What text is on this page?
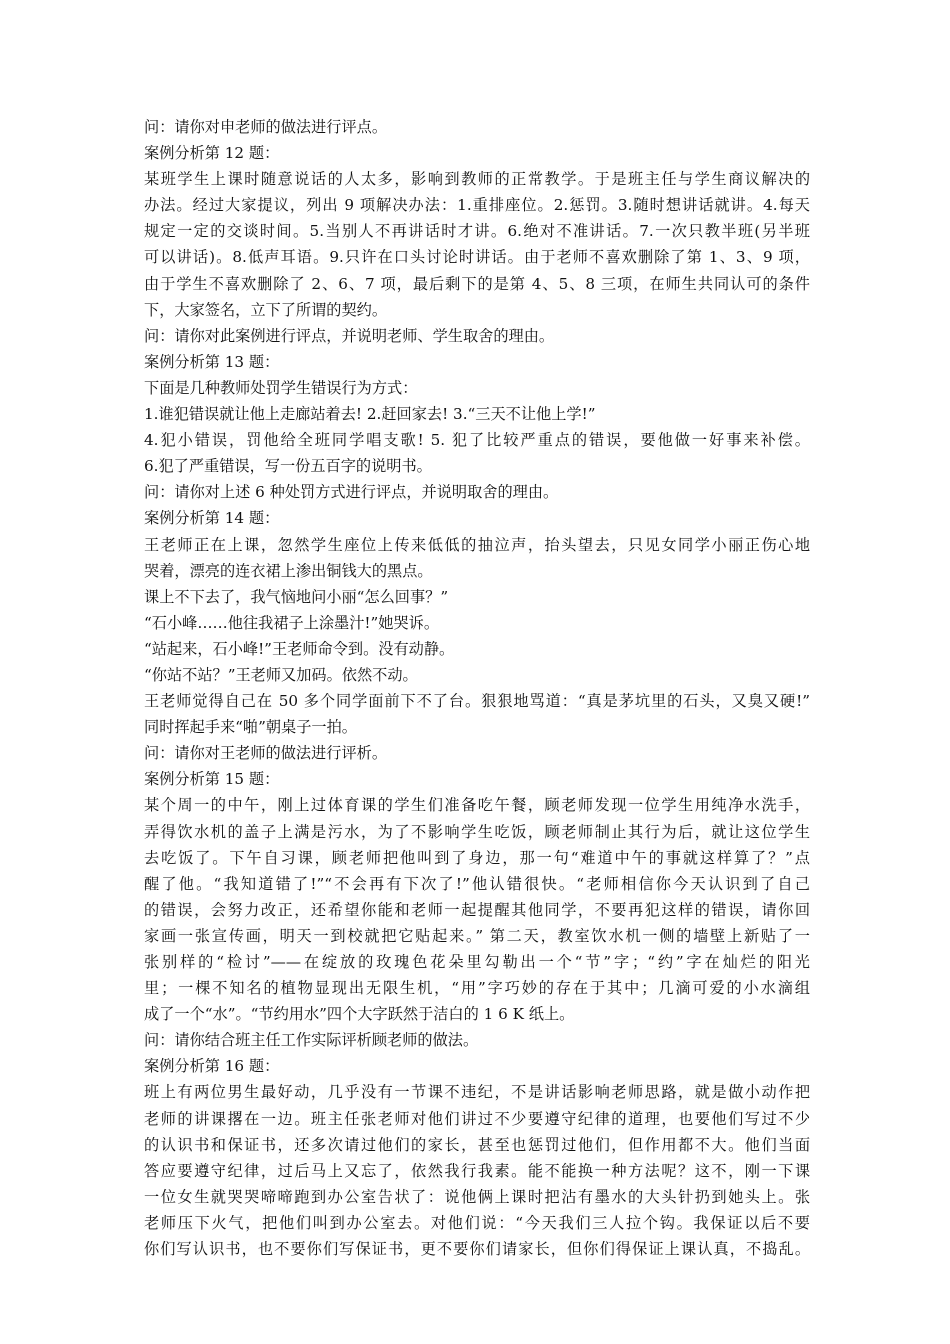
问：请你对申老师的做法进行评点。
案例分析第 12 题：
某班学生上课时随意说话的人太多，影响到教师的正常教学。于是班主任与学生商议解决的
办法。经过大家提议，列出 9 项解决办法：1.重排座位。2.惩罚。3.随时想讲话就讲。4.每天
规定一定的交谈时间。5.当别人不再讲话时才讲。6.绝对不准讲话。7.一次只教半班(另半班
可以讲话)。8.低声耳语。9.只许在口头讨论时讲话。由于老师不喜欢删除了第 1、3、9 项，
由于学生不喜欢删除了 2、6、7 项，最后剩下的是第 4、5、8 三项，在师生共同认可的条件
下，大家签名，立下了所谓的契约。
问：请你对此案例进行评点，并说明老师、学生取舍的理由。
案例分析第 13 题：
下面是几种教师处罚学生错误行为方式：
1.谁犯错误就让他上走廊站着去! 2.赶回家去! 3.“三天不让他上学!”
4.犯小错误，罚他给全班同学唱支歌! 5. 犯了比较严重点的错误，要他做一好事来补偿。
6.犯了严重错误，写一份五百字的说明书。
问：请你对上述 6 种处罚方式进行评点，并说明取舍的理由。
案例分析第 14 题：
王老师正在上课，忽然学生座位上传来低低的抽泣声，抬头望去，只见女同学小丽正伤心地
哭着，漂亮的连衣裙上渗出铜钱大的黑点。
课上不下去了，我气恼地问小丽“怎么回事？”
“石小峰……他往我裙子上涂墨汁!”她哭诉。
“站起来，石小峰!”王老师命令到。没有动静。
“你站不站？”王老师又加码。依然不动。
王老师觉得自己在 50 多个同学面前下不了台。狠狠地骂道：“真是茅坑里的石头，又臭又硬!”
同时挥起手来“啪”朝桌子一拍。
问：请你对王老师的做法进行评析。
案例分析第 15 题：
某个周一的中午，刚上过体育课的学生们准备吃午餐，顾老师发现一位学生用纯净水洗手，
弄得饮水机的盖子上满是污水，为了不影响学生吃饭，顾老师制止其行为后，就让这位学生
去吃饭了。下午自习课，顾老师把他叫到了身边，那一句“难道中午的事就这样算了？”点
醒了他。“我知道错了!”“不会再有下次了!”他认错很快。“老师相信你今天认识到了自己
的错误，会努力改正，还希望你能和老师一起提醒其他同学，不要再犯这样的错误，请你回
家画一张宣传画，明天一到校就把它贴起来。” 第二天，教室饮水机一侧的墙壁上新贴了一
张别样的“检讨”——在绽放的玫瑰色花朵里勾勒出一个“节”字；“约”字在灿烂的阳光
里；一棵不知名的植物显现出无限生机，“用”字巧妙的存在于其中；几滴可爱的小水滴组
成了一个“水”。“节约用水”四个大字跃然于洁白的 1 6 K 纸上。
问：请你结合班主任工作实际评析顾老师的做法。
案例分析第 16 题：
班上有两位男生最好动，几乎没有一节课不违纪，不是讲话影响老师思路，就是做小动作把
老师的讲课撂在一边。班主任张老师对他们讲过不少要遵守纪律的道理，也要他们写过不少
的认识书和保证书，还多次请过他们的家长，甚至也惩罚过他们，但作用都不大。他们当面
答应要遵守纪律，过后马上又忘了，依然我行我素。能不能换一种方法呢？这不，刚一下课
一位女生就哭哭啼啼跑到办公室告状了：说他俩上课时把沾有墨水的大头针扔到她头上。张
老师压下火气，把他们叫到办公室去。对他们说：“今天我们三人拉个钩。我保证以后不要
你们写认识书，也不要你们写保证书，更不要你们请家长，但你们得保证上课认真，不捣乱。
